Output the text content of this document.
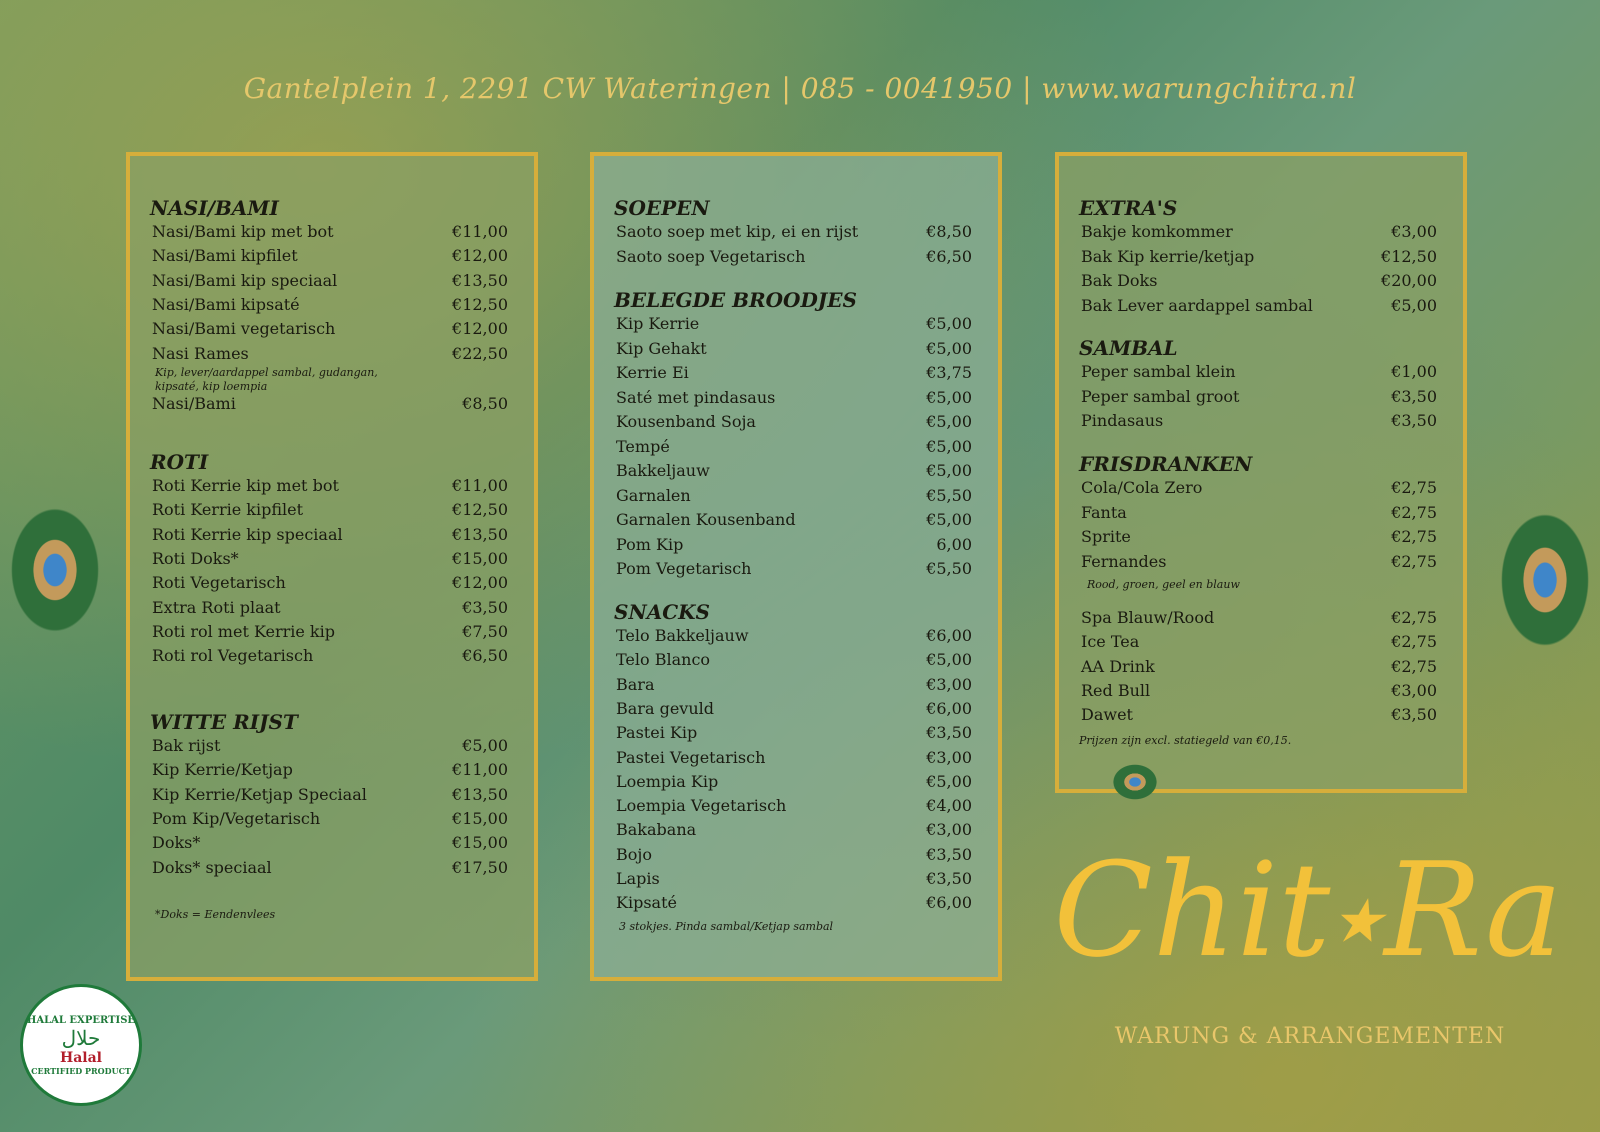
Gantelplein 1, 2291 CW Wateringen | 085 - 0041950 | www.warungchitra.nl
NASI/BAMI
Nasi/Bami kip met bot	€11,00
Nasi/Bami kipfilet	€12,00
Nasi/Bami kip speciaal	€13,50
Nasi/Bami kipsaté	€12,50
Nasi/Bami vegetarisch	€12,00
Nasi Rames	€22,50
Kip, lever/aardappel sambal, gudangan, kipsaté, kip loempia
Nasi/Bami	€8,50
ROTI
Roti Kerrie kip met bot	€11,00
Roti Kerrie kipfilet	€12,50
Roti Kerrie kip speciaal	€13,50
Roti Doks*	€15,00
Roti Vegetarisch	€12,00
Extra Roti plaat	€3,50
Roti rol met Kerrie kip	€7,50
Roti rol Vegetarisch	€6,50
WITTE RIJST
Bak rijst	€5,00
Kip Kerrie/Ketjap	€11,00
Kip Kerrie/Ketjap Speciaal	€13,50
Pom Kip/Vegetarisch	€15,00
Doks*	€15,00
Doks* speciaal	€17,50
*Doks = Eendenvlees
SOEPEN
Saoto soep met kip, ei en rijst	€8,50
Saoto soep Vegetarisch	€6,50
BELEGDE BROODJES
Kip Kerrie	€5,00
Kip Gehakt	€5,00
Kerrie Ei	€3,75
Saté met pindasaus	€5,00
Kousenband Soja	€5,00
Tempé	€5,00
Bakkeljauw	€5,00
Garnalen	€5,50
Garnalen Kousenband	€5,00
Pom Kip	6,00
Pom Vegetarisch	€5,50
SNACKS
Telo Bakkeljauw	€6,00
Telo Blanco	€5,00
Bara	€3,00
Bara gevuld	€6,00
Pastei Kip	€3,50
Pastei Vegetarisch	€3,00
Loempia Kip	€5,00
Loempia Vegetarisch	€4,00
Bakabana	€3,00
Bojo	€3,50
Lapis	€3,50
Kipsaté	€6,00
3 stokjes. Pinda sambal/Ketjap sambal
EXTRA'S
Bakje komkommer	€3,00
Bak Kip kerrie/ketjap	€12,50
Bak Doks	€20,00
Bak Lever aardappel sambal	€5,00
SAMBAL
Peper sambal klein	€1,00
Peper sambal groot	€3,50
Pindasaus	€3,50
FRISDRANKEN
Cola/Cola Zero	€2,75
Fanta	€2,75
Sprite	€2,75
Fernandes	€2,75
Rood, groen, geel en blauw
Spa Blauw/Rood	€2,75
Ice Tea	€2,75
AA Drink	€2,75
Red Bull	€3,00
Dawet	€3,50
Prijzen zijn excl. statiegeld van €0,15.
Chit★Ra
WARUNG & ARRANGEMENTEN
HALAL EXPERTISE
حلال
Halal
CERTIFIED PRODUCT
